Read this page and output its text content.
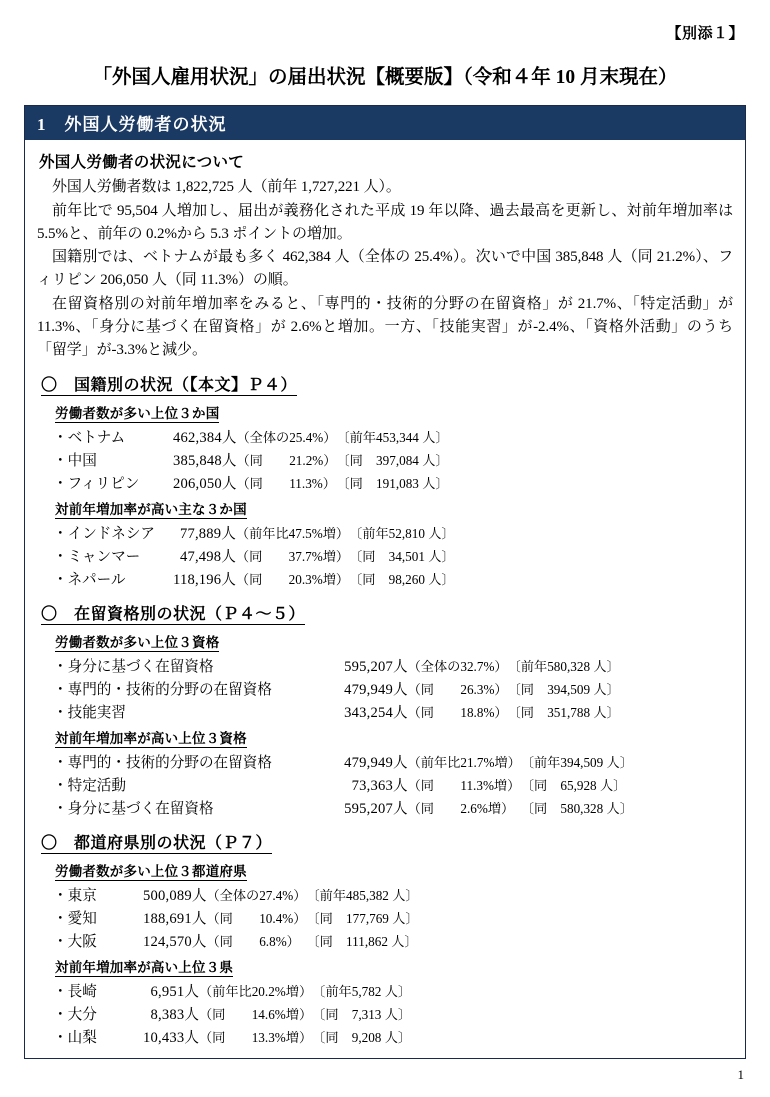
【別添１】
「外国人雇用状況」の届出状況【概要版】（令和４年 10 月末現在）
1　外国人労働者の状況
外国人労働者の状況について

外国人労働者数は 1,822,725 人（前年 1,727,221 人）。

前年比で 95,504 人増加し、届出が義務化された平成 19 年以降、過去最高を更新し、対前年増加率は 5.5%と、前年の 0.2%から 5.3 ポイントの増加。

国籍別では、ベトナムが最も多く 462,384 人（全体の 25.4%）。次いで中国 385,848 人（同 21.2%）、フィリピン 206,050 人（同 11.3%）の順。

在留資格別の対前年増加率をみると、「専門的・技術的分野の在留資格」が 21.7%、「特定活動」が 11.3%、「身分に基づく在留資格」が 2.6%と増加。一方、「技能実習」が-2.4%、「資格外活動」のうち「留学」が-3.3%と減少。

〇　国籍別の状況（【本文】Ｐ４）
労働者数が多い上位３か国
・ベトナム	462,384	人	（全体の	25.4%）	〔前年	453,344 人〕
・中国	385,848	人	（同	21.2%）	〔同	397,084 人〕
・フィリピン	206,050	人	（同	11.3%）	〔同	191,083 人〕
対前年増加率が高い主な３か国
・インドネシア	77,889	人	（前年比	47.5%増）	〔前年	52,810 人〕
・ミャンマー	47,498	人	（同	37.7%増）	〔同	34,501 人〕
・ネパール	118,196	人	（同	20.3%増）	〔同	98,260 人〕
〇　在留資格別の状況（Ｐ４～５）
労働者数が多い上位３資格
・身分に基づく在留資格	595,207	人	（全体の	32.7%）	〔前年	580,328 人〕
・専門的・技術的分野の在留資格	479,949	人	（同	26.3%）	〔同	394,509 人〕
・技能実習	343,254	人	（同	18.8%）	〔同	351,788 人〕
対前年増加率が高い上位３資格
・専門的・技術的分野の在留資格	479,949	人	（前年比	21.7%増）	〔前年	394,509 人〕
・特定活動	73,363	人	（同	11.3%増）	〔同	65,928 人〕
・身分に基づく在留資格	595,207	人	（同	2.6%増）	〔同	580,328 人〕
〇　都道府県別の状況（Ｐ７）
労働者数が多い上位３都道府県
・東京	500,089	人	（全体の	27.4%）	〔前年	485,382 人〕
・愛知	188,691	人	（同	10.4%）	〔同	177,769 人〕
・大阪	124,570	人	（同	6.8%）	〔同	111,862 人〕
対前年増加率が高い上位３県
・長崎	6,951	人	（前年比	20.2%増）	〔前年	5,782 人〕
・大分	8,383	人	（同	14.6%増）	〔同	7,313 人〕
・山梨	10,433	人	（同	13.3%増）	〔同	9,208 人〕
1
